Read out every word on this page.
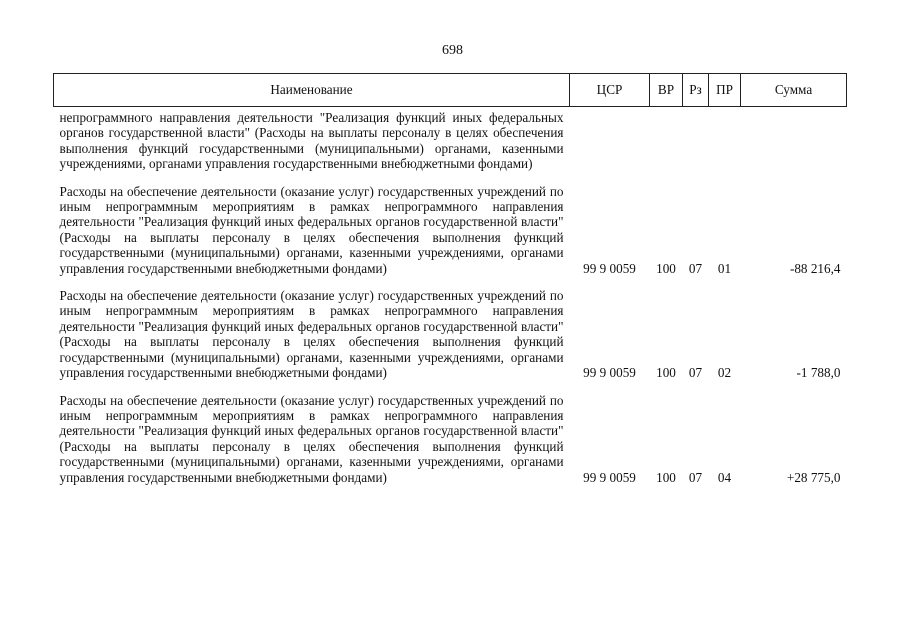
698
Наименование	ЦСР	ВР	Рз	ПР	Сумма
непрограммного направления деятельности "Реализация функций иных федеральных органов государственной власти" (Расходы на выплаты персоналу в целях обеспечения выполнения функций государственными (муниципальными) органами, казенными учреждениями, органами управления государственными внебюджетными фондами)					

Расходы на обеспечение деятельности (оказание услуг) государственных учреждений по иным непрограммным мероприятиям в рамках непрограммного направления деятельности "Реализация функций иных федеральных органов государственной власти" (Расходы на выплаты персоналу в целях обеспечения выполнения функций государственными (муниципальными) органами, казенными учреждениями, органами управления государственными внебюджетными фондами)	99 9 0059	100	07	01	-88 216,4

Расходы на обеспечение деятельности (оказание услуг) государственных учреждений по иным непрограммным мероприятиям в рамках непрограммного направления деятельности "Реализация функций иных федеральных органов государственной власти" (Расходы на выплаты персоналу в целях обеспечения выполнения функций государственными (муниципальными) органами, казенными учреждениями, органами управления государственными внебюджетными фондами)	99 9 0059	100	07	02	-1 788,0

Расходы на обеспечение деятельности (оказание услуг) государственных учреждений по иным непрограммным мероприятиям в рамках непрограммного направления деятельности "Реализация функций иных федеральных органов государственной власти" (Расходы на выплаты персоналу в целях обеспечения выполнения функций государственными (муниципальными) органами, казенными учреждениями, органами управления государственными внебюджетными фондами)	99 9 0059	100	07	04	+28 775,0
